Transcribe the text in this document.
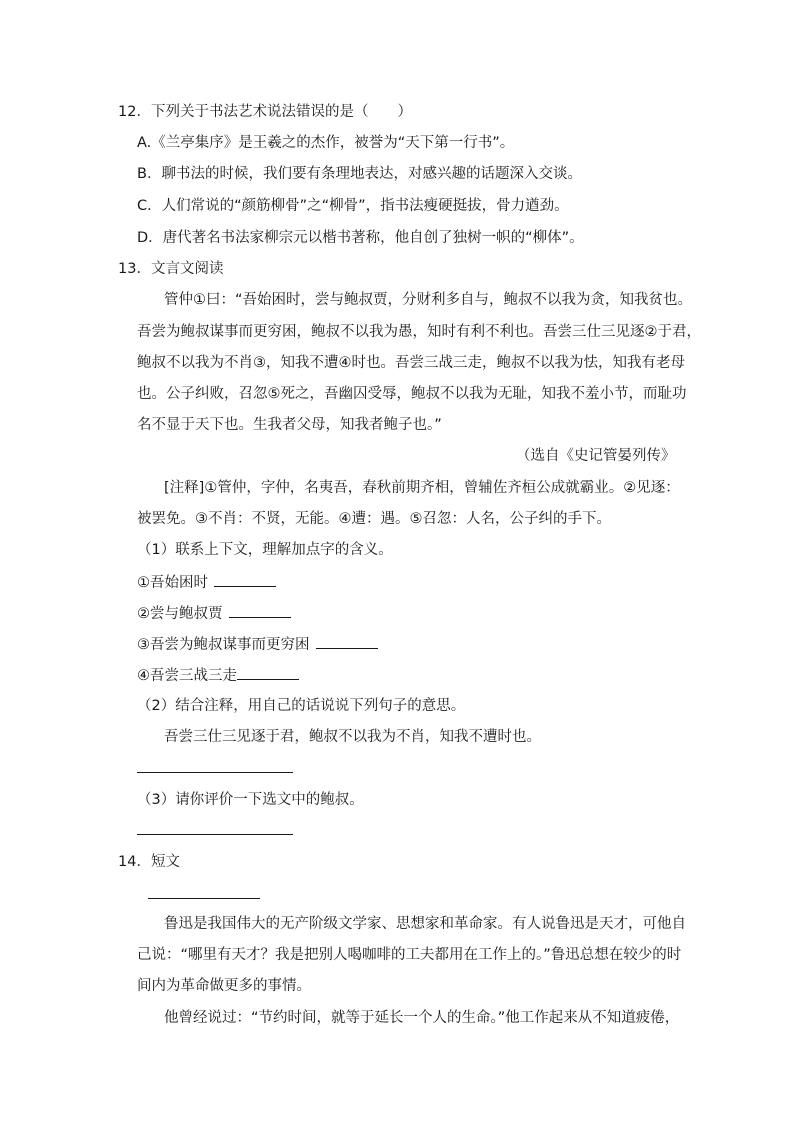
12．下列关于书法艺术说法错误的是（　　）
A.《兰亭集序》是王羲之的杰作，被誉为“天下第一行书”。
B．聊书法的时候，我们要有条理地表达，对感兴趣的话题深入交谈。
C．人们常说的“颜筋柳骨”之“柳骨”，指书法瘦硬挺拔，骨力遒劲。
D．唐代著名书法家柳宗元以楷书著称，他自创了独树一帜的“柳体”。
13．文言文阅读
管仲①曰：“吾始困时，尝与鲍叔贾，分财利多自与，鲍叔不以我为贪，知我贫也。
吾尝为鲍叔谋事而更穷困，鲍叔不以我为愚，知时有利不利也。吾尝三仕三见逐②于君，
鲍叔不以我为不肖③，知我不遭④时也。吾尝三战三走，鲍叔不以我为怯，知我有老母
也。公子纠败，召忽⑤死之，吾幽囚受辱，鲍叔不以我为无耻，知我不羞小节，而耻功
名不显于天下也。生我者父母，知我者鲍子也。”
（选自《史记管晏列传》
[注释]①管仲，字仲，名夷吾，春秋前期齐相，曾辅佐齐桓公成就霸业。②见逐：
被罢免。③不肖：不贤，无能。④遭：遇。⑤召忽：人名，公子纠的手下。
（1）联系上下文，理解加点字的含义。
①吾始困时
②尝与鲍叔贾
③吾尝为鲍叔谋事而更穷困
④吾尝三战三走
（2）结合注释，用自己的话说说下列句子的意思。
吾尝三仕三见逐于君，鲍叔不以我为不肖，知我不遭时也。
（3）请你评价一下选文中的鲍叔。
14．短文
鲁迅是我国伟大的无产阶级文学家、思想家和革命家。有人说鲁迅是天才，可他自
己说：“哪里有天才？我是把别人喝咖啡的工夫都用在工作上的。”鲁迅总想在较少的时
间内为革命做更多的事情。
他曾经说过：“节约时间，就等于延长一个人的生命。”他工作起来从不知道疲倦，
